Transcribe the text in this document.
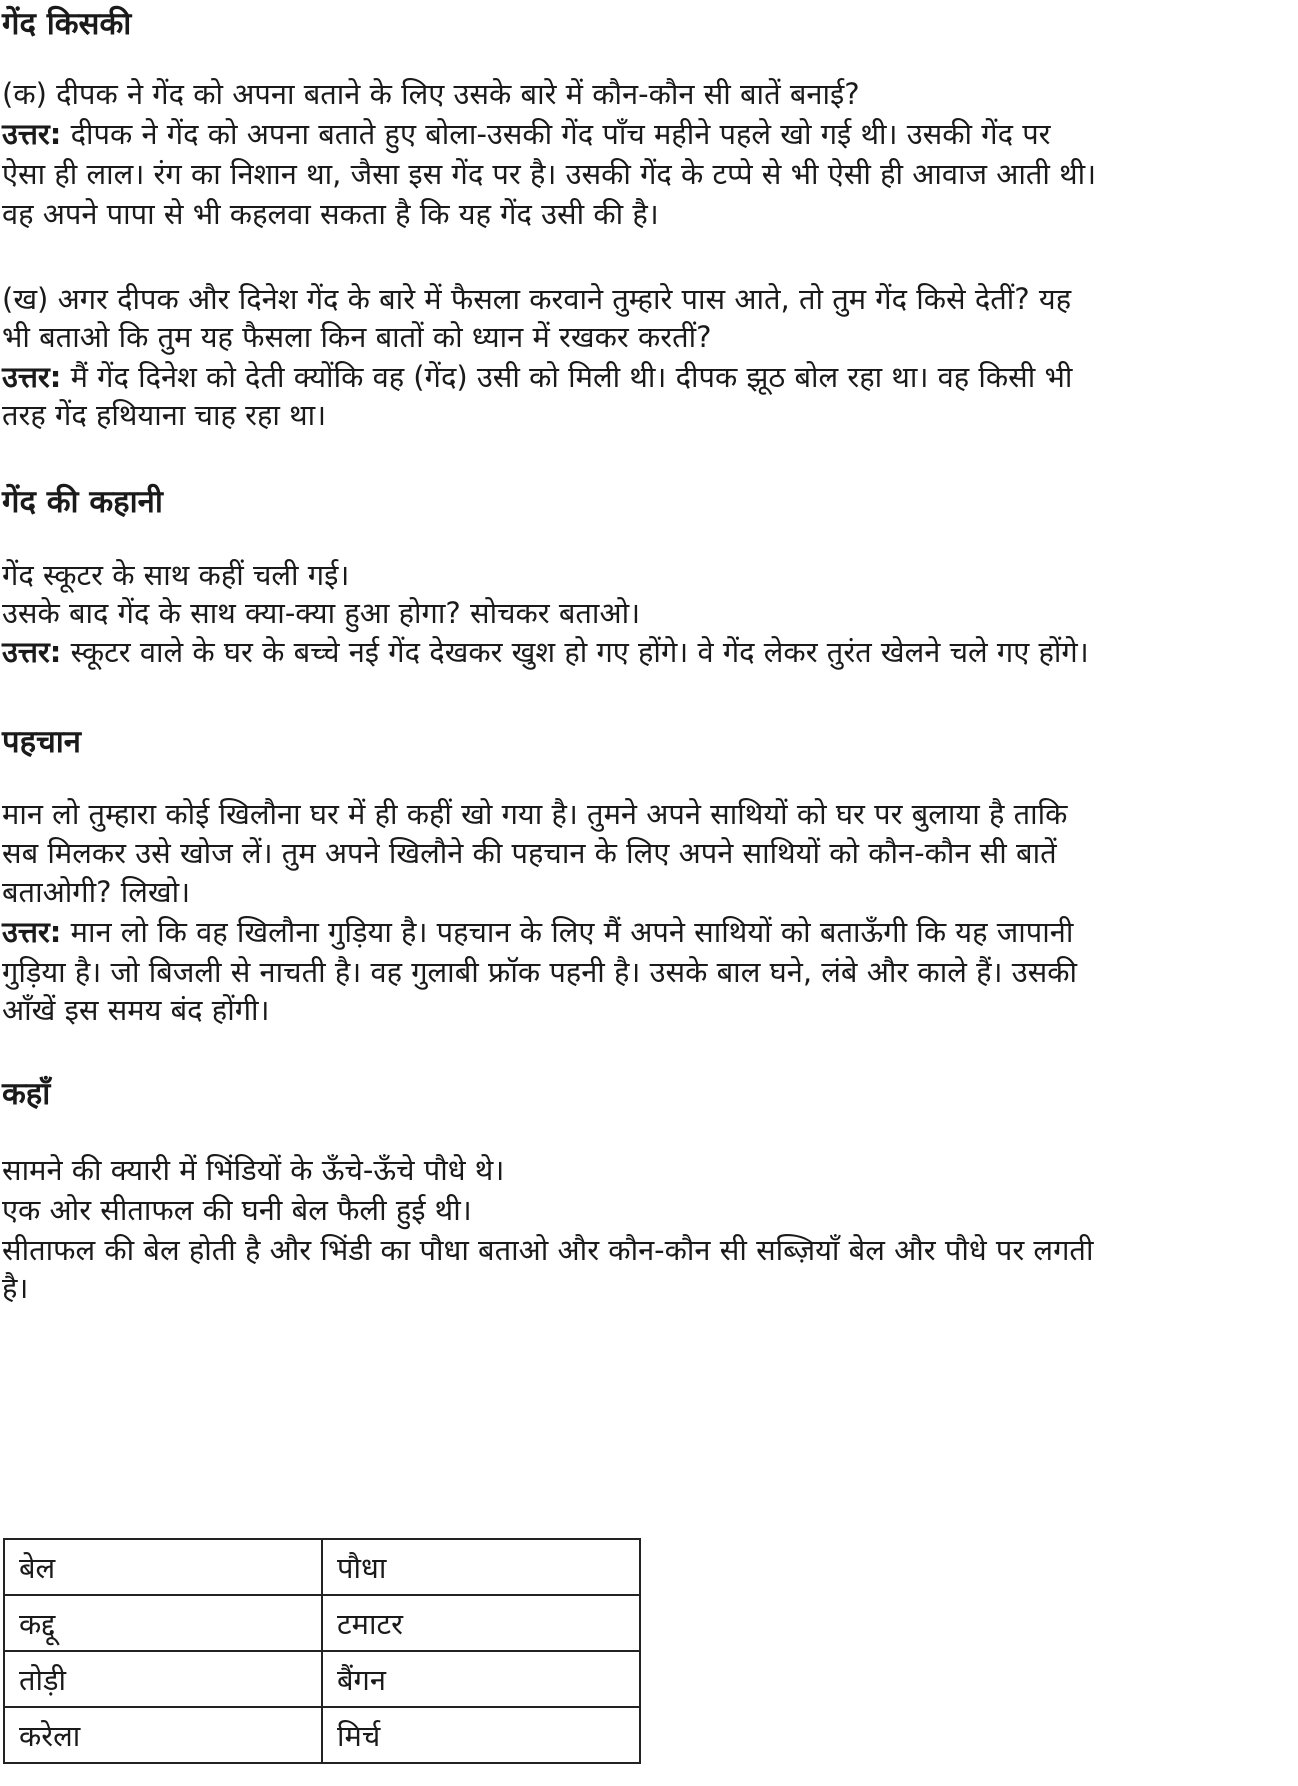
गेंद किसकी

(क) दीपक ने गेंद को अपना बताने के लिए उसके बारे में कौन-कौन सी बातें बनाई?

उत्तर: दीपक ने गेंद को अपना बताते हुए बोला-उसकी गेंद पाँच महीने पहले खो गई थी। उसकी गेंद पर

ऐसा ही लाल। रंग का निशान था, जैसा इस गेंद पर है। उसकी गेंद के टप्पे से भी ऐसी ही आवाज आती थी।

वह अपने पापा से भी कहलवा सकता है कि यह गेंद उसी की है।

(ख) अगर दीपक और दिनेश गेंद के बारे में फैसला करवाने तुम्हारे पास आते, तो तुम गेंद किसे देतीं? यह

भी बताओ कि तुम यह फैसला किन बातों को ध्यान में रखकर करतीं?

उत्तर: मैं गेंद दिनेश को देती क्योंकि वह (गेंद) उसी को मिली थी। दीपक झूठ बोल रहा था। वह किसी भी

तरह गेंद हथियाना चाह रहा था।

गेंद की कहानी

गेंद स्कूटर के साथ कहीं चली गई।

उसके बाद गेंद के साथ क्या-क्या हुआ होगा? सोचकर बताओ।

उत्तर: स्कूटर वाले के घर के बच्चे नई गेंद देखकर खुश हो गए होंगे। वे गेंद लेकर तुरंत खेलने चले गए होंगे।

पहचान

मान लो तुम्हारा कोई खिलौना घर में ही कहीं खो गया है। तुमने अपने साथियों को घर पर बुलाया है ताकि

सब मिलकर उसे खोज लें। तुम अपने खिलौने की पहचान के लिए अपने साथियों को कौन-कौन सी बातें

बताओगी? लिखो।

उत्तर: मान लो कि वह खिलौना गुड़िया है। पहचान के लिए मैं अपने साथियों को बताऊँगी कि यह जापानी

गुड़िया है। जो बिजली से नाचती है। वह गुलाबी फ्रॉक पहनी है। उसके बाल घने, लंबे और काले हैं। उसकी

आँखें इस समय बंद होंगी।

कहाँ

सामने की क्यारी में भिंडियों के ऊँचे-ऊँचे पौधे थे।

एक ओर सीताफल की घनी बेल फैली हुई थी।

सीताफल की बेल होती है और भिंडी का पौधा बताओ और कौन-कौन सी सब्ज़ियाँ बेल और पौधे पर लगती

है।

बेल	पौधा
कद्दू	टमाटर
तोड़ी	बैंगन
करेला	मिर्च
